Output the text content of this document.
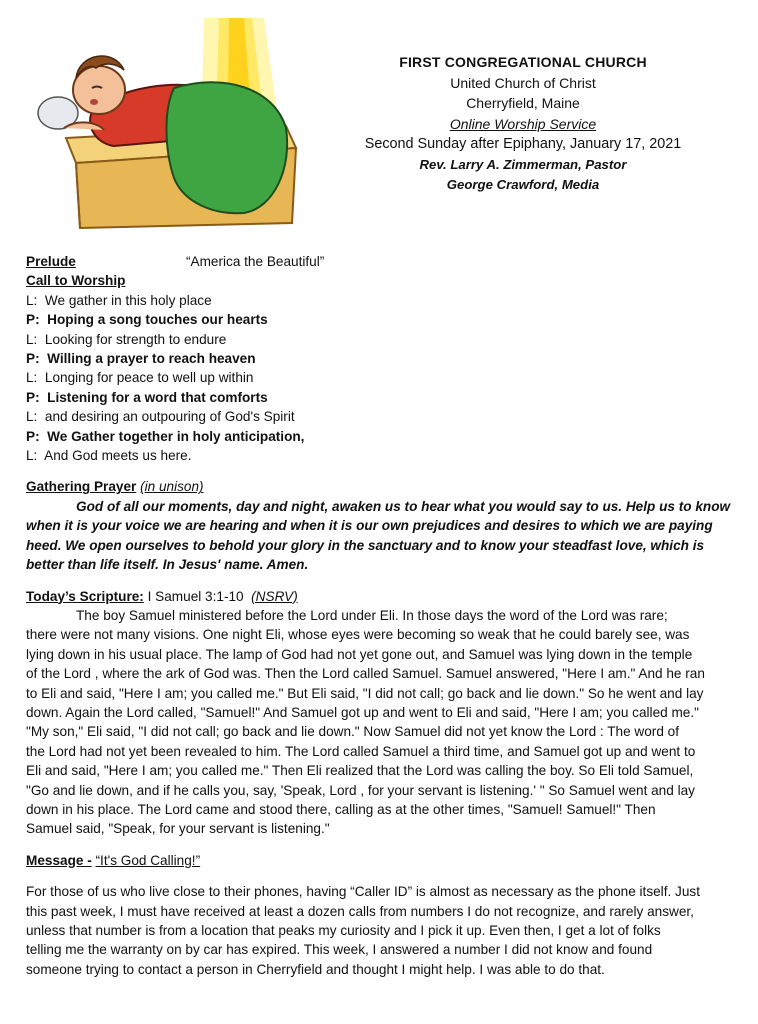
FIRST CONGREGATIONAL CHURCH
United Church of Christ
Cherryfield, Maine
Online Worship Service
Second Sunday after Epiphany, January 17, 2021
Rev. Larry A. Zimmerman, Pastor
George Crawford, Media
Prelude	“America the Beautiful”
Call to Worship
L: We gather in this holy place
P: Hoping a song touches our hearts
L: Looking for strength to endure
P: Willing a prayer to reach heaven
L: Longing for peace to well up within
P: Listening for a word that comforts
L: and desiring an outpouring of God's Spirit
P: We Gather together in holy anticipation,
L: And God meets us here.
Gathering Prayer (in unison)
God of all our moments, day and night, awaken us to hear what you would say to us. Help us to know
when it is your voice we are hearing and when it is our own prejudices and desires to which we are paying
heed. We open ourselves to behold your glory in the sanctuary and to know your steadfast love, which is
better than life itself. In Jesus' name. Amen.
Today’s Scripture: I Samuel 3:1-10 (NSRV)
The boy Samuel ministered before the Lord under Eli. In those days the word of the Lord was rare;
there were not many visions. One night Eli, whose eyes were becoming so weak that he could barely see, was
lying down in his usual place. The lamp of God had not yet gone out, and Samuel was lying down in the temple
of the Lord , where the ark of God was. Then the Lord called Samuel. Samuel answered, "Here I am." And he ran
to Eli and said, "Here I am; you called me." But Eli said, "I did not call; go back and lie down." So he went and lay
down. Again the Lord called, "Samuel!" And Samuel got up and went to Eli and said, "Here I am; you called me."
"My son," Eli said, "I did not call; go back and lie down." Now Samuel did not yet know the Lord : The word of
the Lord had not yet been revealed to him. The Lord called Samuel a third time, and Samuel got up and went to
Eli and said, "Here I am; you called me." Then Eli realized that the Lord was calling the boy. So Eli told Samuel,
"Go and lie down, and if he calls you, say, 'Speak, Lord , for your servant is listening.' " So Samuel went and lay
down in his place. The Lord came and stood there, calling as at the other times, "Samuel! Samuel!" Then
Samuel said, "Speak, for your servant is listening."
Message - “It's God Calling!”
For those of us who live close to their phones, having “Caller ID” is almost as necessary as the phone itself. Just
this past week, I must have received at least a dozen calls from numbers I do not recognize, and rarely answer,
unless that number is from a location that peaks my curiosity and I pick it up. Even then, I get a lot of folks
telling me the warranty on by car has expired. This week, I answered a number I did not know and found
someone trying to contact a person in Cherryfield and thought I might help. I was able to do that.
